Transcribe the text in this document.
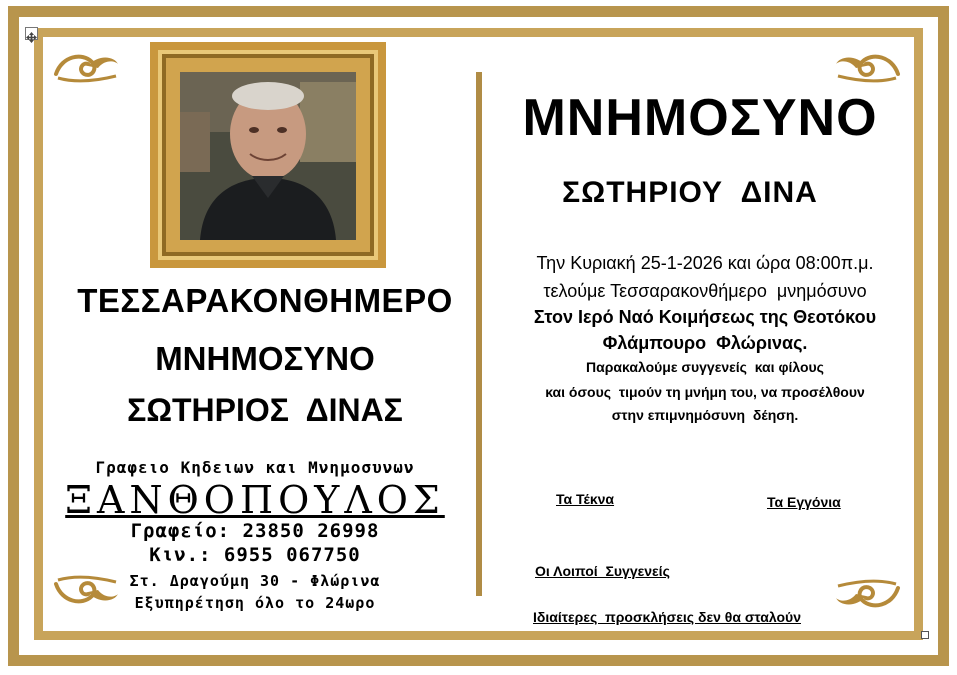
ΤΕΣΣΑΡΑΚΟΝΘΗΜΕΡΟ
ΜΝΗΜΟΣΥΝΟ
ΣΩΤΗΡΙΟΣ  ΔΙΝΑΣ
Γραφειο Κηδειων και Μνημοσυνων
ΞΑΝΘΟΠΟΥΛΟΣ
Γραφείο: 23850 26998
Κιν.: 6955 067750
Στ. Δραγούμη 30 - Φλώρινα
Εξυπηρέτηση όλο το 24ωρο
ΜΝΗΜΟΣΥΝΟ
ΣΩΤΗΡΙΟΥ  ΔΙΝΑ
Την Κυριακή 25-1-2026 και ώρα 08:00π.μ.
τελούμε Τεσσαρακονθήμερο  μνημόσυνο
Στον Ιερό Ναό Κοιμήσεως της Θεοτόκου
Φλάμπουρο  Φλώρινας.
Παρακαλούμε συγγενείς  και φίλους
και όσους  τιμούν τη μνήμη του, να προσέλθουν
στην επιμνημόσυνη  δέηση.
Τα Τέκνα	Τα Εγγόνια
Οι Λοιποί  Συγγενείς
Ιδιαίτερες  προσκλήσεις δεν θα σταλούν
